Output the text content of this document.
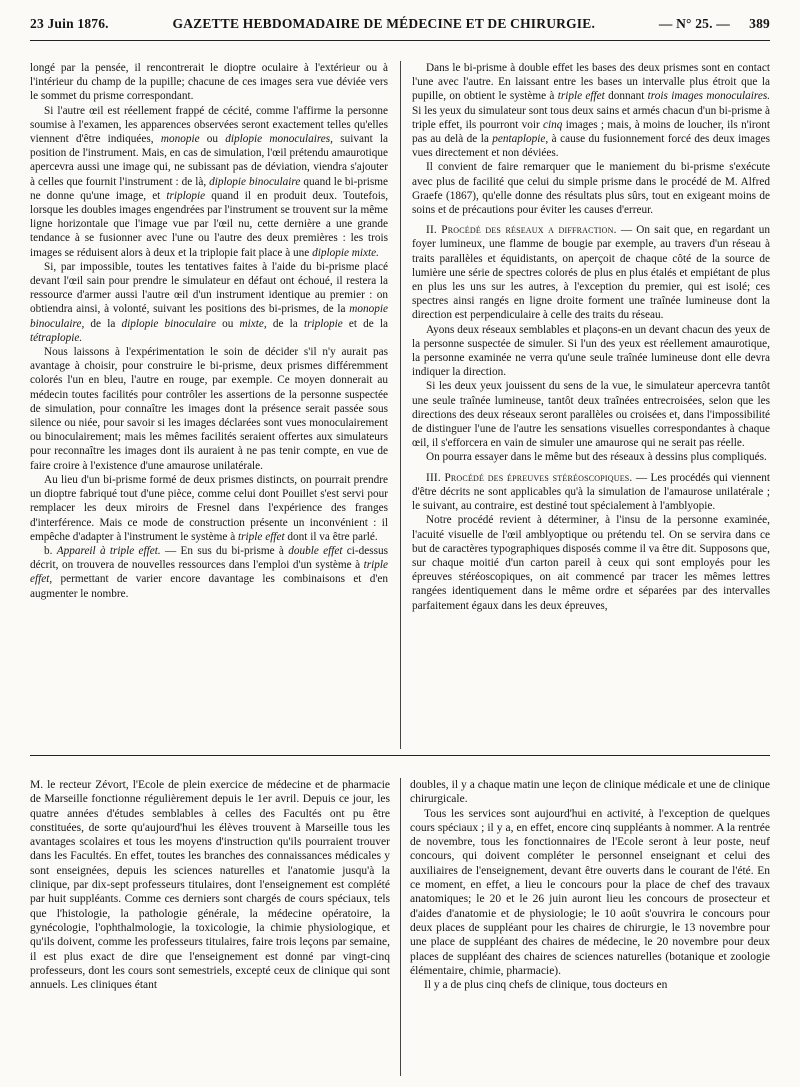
23 Juin 1876.	GAZETTE HEBDOMADAIRE DE MÉDECINE ET DE CHIRURGIE.	— N° 25. — 389

longé par la pensée, il rencontrerait le dioptre oculaire à l'extérieur ou à l'intérieur du champ de la pupille; chacune de ces images sera vue déviée vers le sommet du prisme correspondant.

Si l'autre œil est réellement frappé de cécité, comme l'affirme la personne soumise à l'examen, les apparences observées seront exactement telles qu'elles viennent d'être indiquées, monopie ou diplopie monoculaires, suivant la position de l'instrument. Mais, en cas de simulation, l'œil prétendu amaurotique apercevra aussi une image qui, ne subissant pas de déviation, viendra s'ajouter à celles que fournit l'instrument : de là, diplopie binoculaire quand le bi-prisme ne donne qu'une image, et triplopie quand il en produit deux. Toutefois, lorsque les doubles images engendrées par l'instrument se trouvent sur la même ligne horizontale que l'image vue par l'œil nu, cette dernière a une grande tendance à se fusionner avec l'une ou l'autre des deux premières : les trois images se réduisent alors à deux et la triplopie fait place à une diplopie mixte.

Si, par impossible, toutes les tentatives faites à l'aide du bi-prisme placé devant l'œil sain pour prendre le simulateur en défaut ont échoué, il restera la ressource d'armer aussi l'autre œil d'un instrument identique au premier : on obtiendra ainsi, à volonté, suivant les positions des bi-prismes, de la monopie binoculaire, de la diplopie binoculaire ou mixte, de la triplopie et de la tétraplopie.

Nous laissons à l'expérimentation le soin de décider s'il n'y aurait pas avantage à choisir, pour construire le bi-prisme, deux prismes différemment colorés l'un en bleu, l'autre en rouge, par exemple. Ce moyen donnerait au médecin toutes facilités pour contrôler les assertions de la personne suspectée de simulation, pour connaître les images dont la présence serait passée sous silence ou niée, pour savoir si les images déclarées sont vues monoculairement ou binoculairement; mais les mêmes facilités seraient offertes aux simulateurs pour reconnaître les images dont ils auraient à ne pas tenir compte, en vue de faire croire à l'existence d'une amaurose unilatérale.

Au lieu d'un bi-prisme formé de deux prismes distincts, on pourrait prendre un dioptre fabriqué tout d'une pièce, comme celui dont Pouillet s'est servi pour remplacer les deux miroirs de Fresnel dans l'expérience des franges d'interférence. Mais ce mode de construction présente un inconvénient : il empêche d'adapter à l'instrument le système à triple effet dont il va être parlé.

b. Appareil à triple effet. — En sus du bi-prisme à double effet ci-dessus décrit, on trouvera de nouvelles ressources dans l'emploi d'un système à triple effet, permettant de varier encore davantage les combinaisons et d'en augmenter le nombre.

Dans le bi-prisme à double effet les bases des deux prismes sont en contact l'une avec l'autre. En laissant entre les bases un intervalle plus étroit que la pupille, on obtient le système à triple effet donnant trois images monoculaires. Si les yeux du simulateur sont tous deux sains et armés chacun d'un bi-prisme à triple effet, ils pourront voir cinq images ; mais, à moins de loucher, ils n'iront pas au delà de la pentaplopie, à cause du fusionnement forcé des deux images vues directement et non déviées.

Il convient de faire remarquer que le maniement du bi-prisme s'exécute avec plus de facilité que celui du simple prisme dans le procédé de M. Alfred Graefe (1867), qu'elle donne des résultats plus sûrs, tout en exigeant moins de soins et de précautions pour éviter les causes d'erreur.

II. Procédé des réseaux a diffraction. — On sait que, en regardant un foyer lumineux, une flamme de bougie par exemple, au travers d'un réseau à traits parallèles et équidistants, on aperçoit de chaque côté de la source de lumière une série de spectres colorés de plus en plus étalés et empiétant de plus en plus les uns sur les autres, à l'exception du premier, qui est isolé; ces spectres ainsi rangés en ligne droite forment une traînée lumineuse dont la direction est perpendiculaire à celle des traits du réseau.

Ayons deux réseaux semblables et plaçons-en un devant chacun des yeux de la personne suspectée de simuler. Si l'un des yeux est réellement amaurotique, la personne examinée ne verra qu'une seule traînée lumineuse dont elle devra indiquer la direction.

Si les deux yeux jouissent du sens de la vue, le simulateur apercevra tantôt une seule traînée lumineuse, tantôt deux traînées entrecroisées, selon que les directions des deux réseaux seront parallèles ou croisées et, dans l'impossibilité de distinguer l'une de l'autre les sensations visuelles correspondantes à chaque œil, il s'efforcera en vain de simuler une amaurose qui ne serait pas réelle.

On pourra essayer dans le même but des réseaux à dessins plus compliqués.

III. Procédé des épreuves stéréoscopiques. — Les procédés qui viennent d'être décrits ne sont applicables qu'à la simulation de l'amaurose unilatérale ; le suivant, au contraire, est destiné tout spécialement à l'amblyopie.

Notre procédé revient à déterminer, à l'insu de la personne examinée, l'acuité visuelle de l'œil amblyoptique ou prétendu tel. On se servira dans ce but de caractères typographiques disposés comme il va être dit. Supposons que, sur chaque moitié d'un carton pareil à ceux qui sont employés pour les épreuves stéréoscopiques, on ait commencé par tracer les mêmes lettres rangées identiquement dans le même ordre et séparées par des intervalles parfaitement égaux dans les deux épreuves,

M. le recteur Zévort, l'Ecole de plein exercice de médecine et de pharmacie de Marseille fonctionne régulièrement depuis le 1er avril. Depuis ce jour, les quatre années d'études semblables à celles des Facultés ont pu être constituées, de sorte qu'aujourd'hui les élèves trouvent à Marseille tous les avantages scolaires et tous les moyens d'instruction qu'ils pourraient trouver dans les Facultés. En effet, toutes les branches des connaissances médicales y sont enseignées, depuis les sciences naturelles et l'anatomie jusqu'à la clinique, par dix-sept professeurs titulaires, dont l'enseignement est complété par huit suppléants. Comme ces derniers sont chargés de cours spéciaux, tels que l'histologie, la pathologie générale, la médecine opératoire, la gynécologie, l'ophthalmologie, la toxicologie, la chimie physiologique, et qu'ils doivent, comme les professeurs titulaires, faire trois leçons par semaine, il est plus exact de dire que l'enseignement est donné par vingt-cinq professeurs, dont les cours sont semestriels, excepté ceux de clinique qui sont annuels. Les cliniques étant

doubles, il y a chaque matin une leçon de clinique médicale et une de clinique chirurgicale.

Tous les services sont aujourd'hui en activité, à l'exception de quelques cours spéciaux ; il y a, en effet, encore cinq suppléants à nommer. A la rentrée de novembre, tous les fonctionnaires de l'Ecole seront à leur poste, neuf concours, qui doivent compléter le personnel enseignant et celui des auxiliaires de l'enseignement, devant être ouverts dans le courant de l'été. En ce moment, en effet, a lieu le concours pour la place de chef des travaux anatomiques; le 20 et le 26 juin auront lieu les concours de prosecteur et d'aides d'anatomie et de physiologie; le 10 août s'ouvrira le concours pour deux places de suppléant pour les chaires de chirurgie, le 13 novembre pour une place de suppléant des chaires de médecine, le 20 novembre pour deux places de suppléant des chaires de sciences naturelles (botanique et zoologie élémentaire, chimie, pharmacie).

Il y a de plus cinq chefs de clinique, tous docteurs en
